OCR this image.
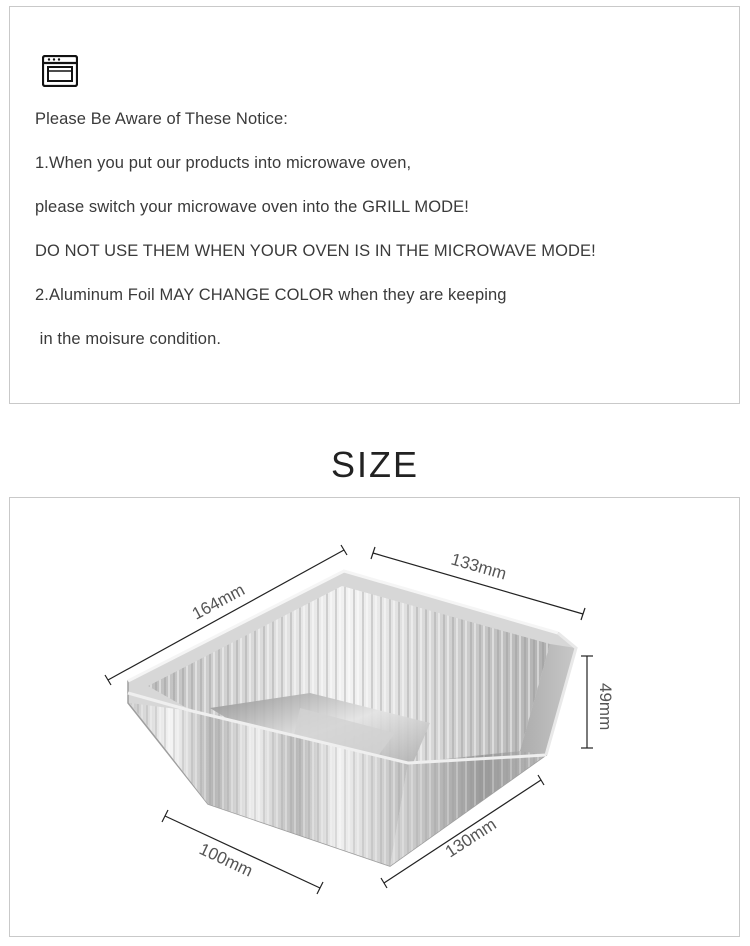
Please Be Aware of These Notice:
1.When you put our products into microwave oven,
please switch your microwave oven into the GRILL MODE!
DO NOT USE THEM WHEN YOUR OVEN IS IN THE MICROWAVE MODE!
2.Aluminum Foil MAY CHANGE COLOR when they are keeping
in the moisure condition.
SIZE
164mm
133mm
49mm
100mm	130mm
